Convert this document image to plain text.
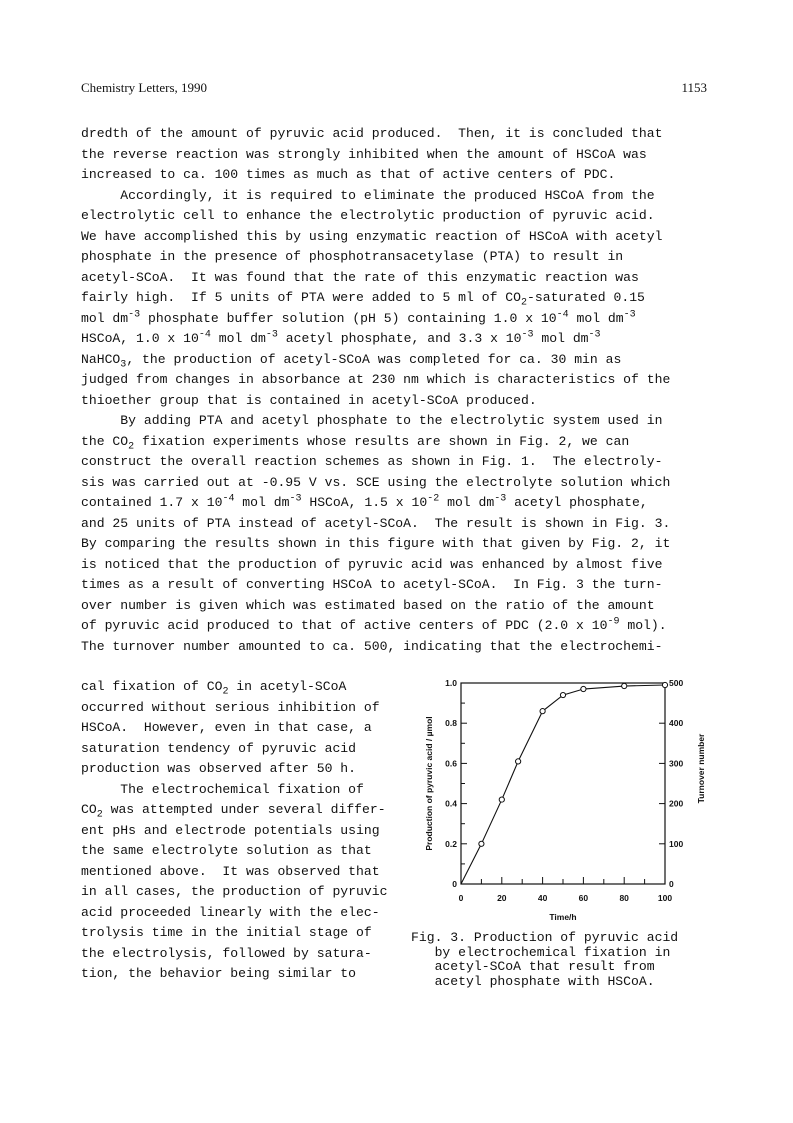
Chemistry Letters, 1990	1153
dredth of the amount of pyruvic acid produced.  Then, it is concluded that
the reverse reaction was strongly inhibited when the amount of HSCoA was
increased to ca. 100 times as much as that of active centers of PDC.
Accordingly, it is required to eliminate the produced HSCoA from the
electrolytic cell to enhance the electrolytic production of pyruvic acid.
We have accomplished this by using enzymatic reaction of HSCoA with acetyl
phosphate in the presence of phosphotransacetylase (PTA) to result in
acetyl-SCoA.  It was found that the rate of this enzymatic reaction was
fairly high.  If 5 units of PTA were added to 5 ml of $CO_2$-saturated 0.15
mol $dm^{-3}$ phosphate buffer solution (pH 5) containing 1.0 x $10^{-4}$ mol $dm^{-3}$
HSCoA, 1.0 x $10^{-4}$ mol $dm^{-3}$ acetyl phosphate, and 3.3 x $10^{-3}$ mol $dm^{-3}$
NaHCO$_3$, the production of acetyl-SCoA was completed for ca. 30 min as
judged from changes in absorbance at 230 nm which is characteristics of the
thioether group that is contained in acetyl-SCoA produced.
By adding PTA and acetyl phosphate to the electrolytic system used in
the $CO_2$ fixation experiments whose results are shown in Fig. 2, we can
construct the overall reaction schemes as shown in Fig. 1.  The electroly-
sis was carried out at -0.95 V vs. SCE using the electrolyte solution which
contained 1.7 x $10^{-4}$ mol $dm^{-3}$ HSCoA, 1.5 x $10^{-2}$ mol $dm^{-3}$ acetyl phosphate,
and 25 units of PTA instead of acetyl-SCoA.  The result is shown in Fig. 3.
By comparing the results shown in this figure with that given by Fig. 2, it
is noticed that the production of pyruvic acid was enhanced by almost five
times as a result of converting HSCoA to acetyl-SCoA.  In Fig. 3 the turn-
over number is given which was estimated based on the ratio of the amount
of pyruvic acid produced to that of active centers of PDC (2.0 x $10^{-9}$ mol).
The turnover number amounted to ca. 500, indicating that the electrochemi-
cal fixation of $CO_2$ in acetyl-SCoA
occurred without serious inhibition of
HSCoA.  However, even in that case, a
saturation tendency of pyruvic acid
production was observed after 50 h.
The electrochemical fixation of
$CO_2$ was attempted under several differ-
ent pHs and electrode potentials using
the same electrolyte solution as that
mentioned above.  It was observed that
in all cases, the production of pyruvic
acid proceeded linearly with the elec-
trolysis time in the initial stage of
the electrolysis, followed by satura-
tion, the behavior being similar to
0
0.2
0.4
0.6
0.8
1.0
0
100
200
300
400
500
0	20	40	60	80	100
Time/h
Production of pyruvic acid / µmol	Turnover number
Fig. 3. Production of pyruvic acid
by electrochemical fixation in
acetyl-SCoA that result from
acetyl phosphate with HSCoA.
